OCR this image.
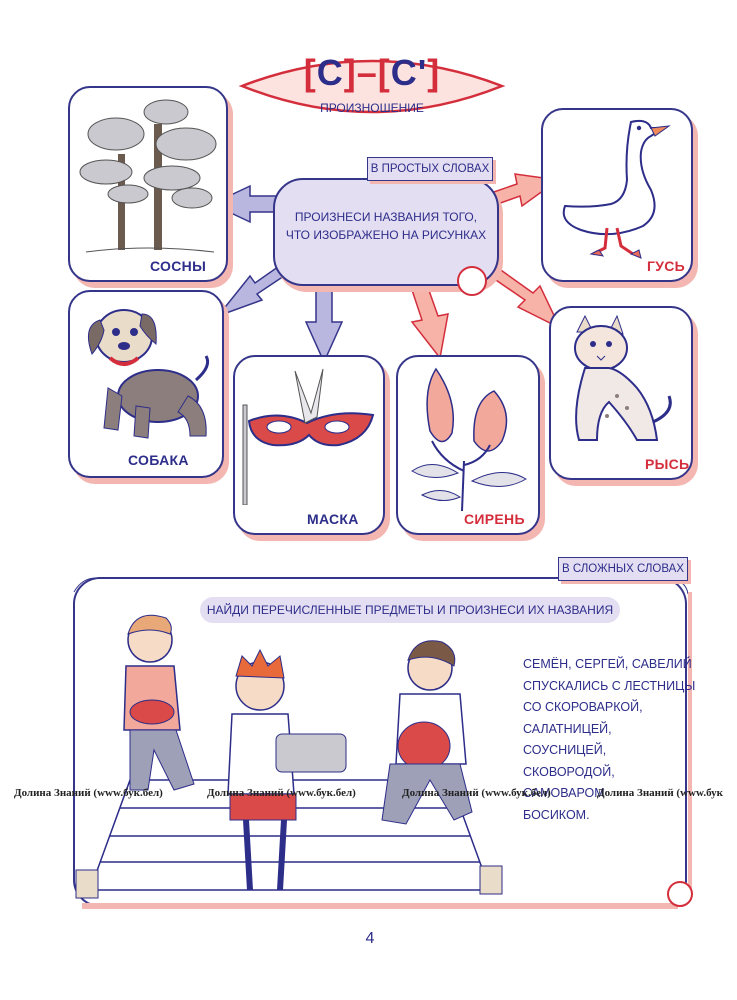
[С]–[С']
ПРОИЗНОШЕНИЕ
ПРОИЗНЕСИ НАЗВАНИЯ ТОГО,
ЧТО ИЗОБРАЖЕНО НА РИСУНКАХ
В ПРОСТЫХ СЛОВАХ
СОСНЫ	ГУСЬ
СОБАКА
МАСКА	СИРЕНЬ
РЫСЬ
В СЛОЖНЫХ СЛОВАХ
НАЙДИ ПЕРЕЧИСЛЕННЫЕ ПРЕДМЕТЫ И ПРОИЗНЕСИ ИХ НАЗВАНИЯ
СЕМЁН, СЕРГЕЙ, САВЕЛИЙ
СПУСКАЛИСЬ С ЛЕСТНИЦЫ
СО СКОРОВАРКОЙ,
САЛАТНИЦЕЙ,
СОУСНИЦЕЙ,
СКОВОРОДОЙ,
САМОВАРОМ
БОСИКОМ.
Долина Знаний (www.бук.бел)	Долина Знаний (www.бук.бел)	Долина Знаний (www.бук.бел)	Долина Знаний (www.бук
4
